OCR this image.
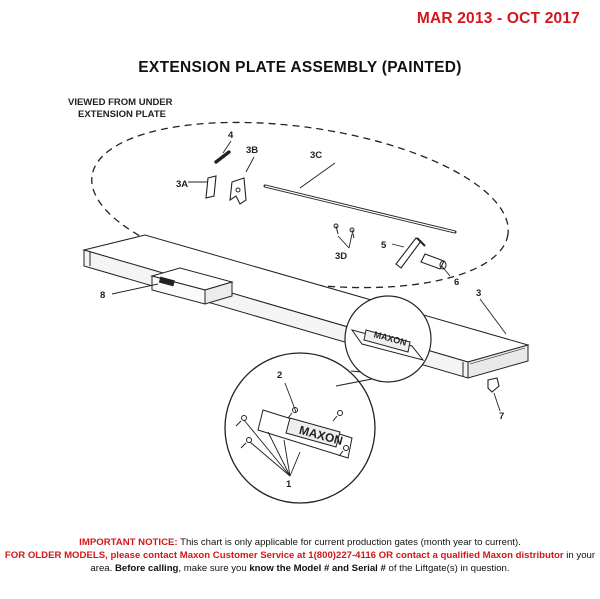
MAR 2013 - OCT 2017
EXTENSION PLATE ASSEMBLY (PAINTED)
MAXON
MAXON
VIEWED FROM UNDER
EXTENSION PLATE
1
2
3
3A
3B	3C
3D
4
5
6
7
8
IMPORTANT NOTICE: This chart is only applicable for current production gates (month year to current).
FOR OLDER MODELS, please contact Maxon Customer Service at 1(800)227-4116 OR contact a qualified Maxon distributor in your area. Before calling, make sure you know the Model # and Serial # of the Liftgate(s) in question.
